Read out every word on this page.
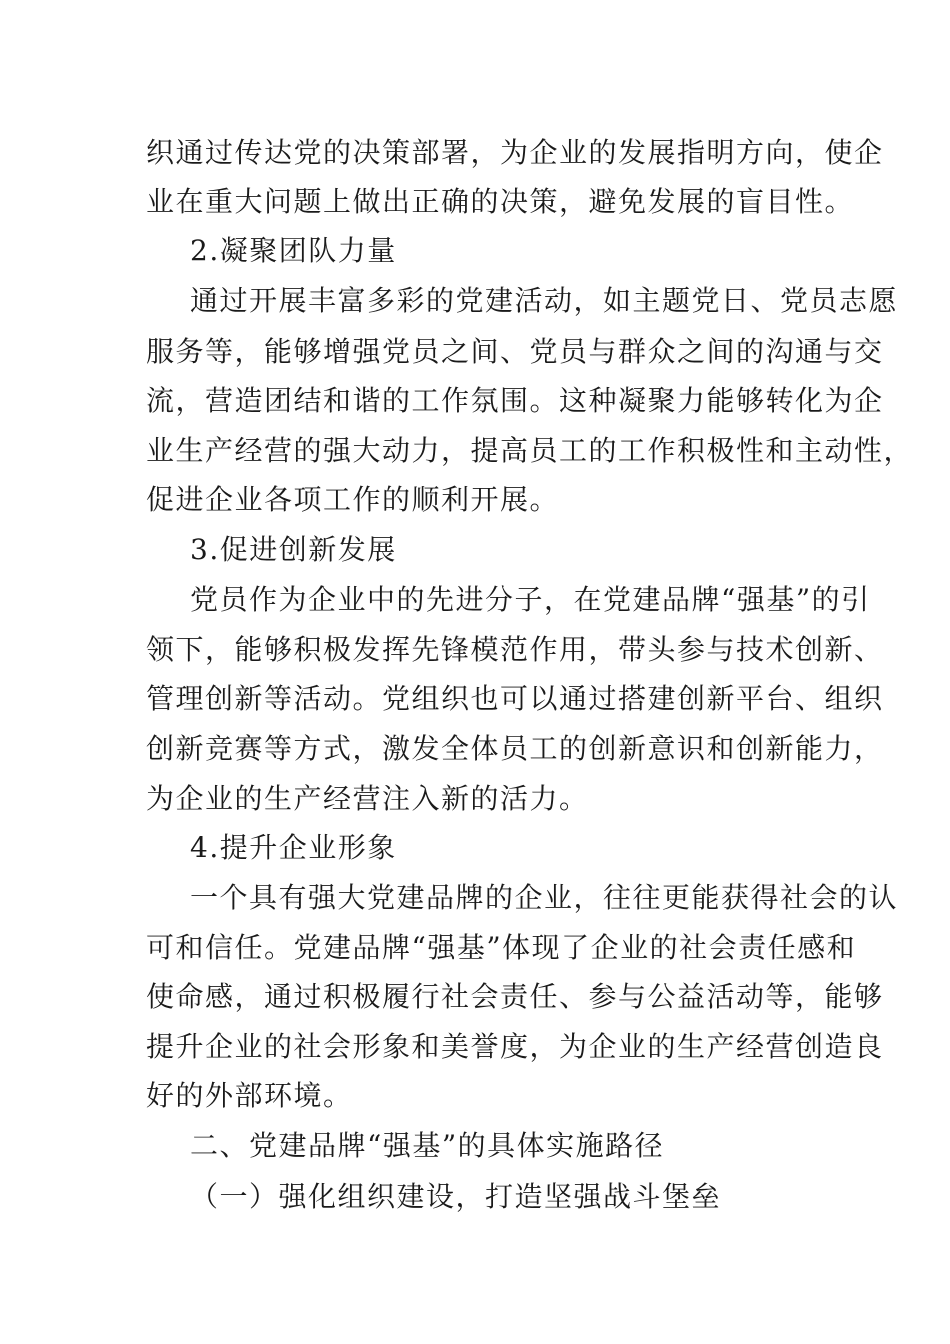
织通过传达党的决策部署，为企业的发展指明方向，使企
业在重大问题上做出正确的决策，避免发展的盲目性。
2.凝聚团队力量
通过开展丰富多彩的党建活动，如主题党日、党员志愿
服务等，能够增强党员之间、党员与群众之间的沟通与交
流，营造团结和谐的工作氛围。这种凝聚力能够转化为企
业生产经营的强大动力，提高员工的工作积极性和主动性，
促进企业各项工作的顺利开展。
3.促进创新发展
党员作为企业中的先进分子，在党建品牌“强基”的引
领下，能够积极发挥先锋模范作用，带头参与技术创新、
管理创新等活动。党组织也可以通过搭建创新平台、组织
创新竞赛等方式，激发全体员工的创新意识和创新能力，
为企业的生产经营注入新的活力。
4.提升企业形象
一个具有强大党建品牌的企业，往往更能获得社会的认
可和信任。党建品牌“强基”体现了企业的社会责任感和
使命感，通过积极履行社会责任、参与公益活动等，能够
提升企业的社会形象和美誉度，为企业的生产经营创造良
好的外部环境。
二、党建品牌“强基”的具体实施路径
（一）强化组织建设，打造坚强战斗堡垒
